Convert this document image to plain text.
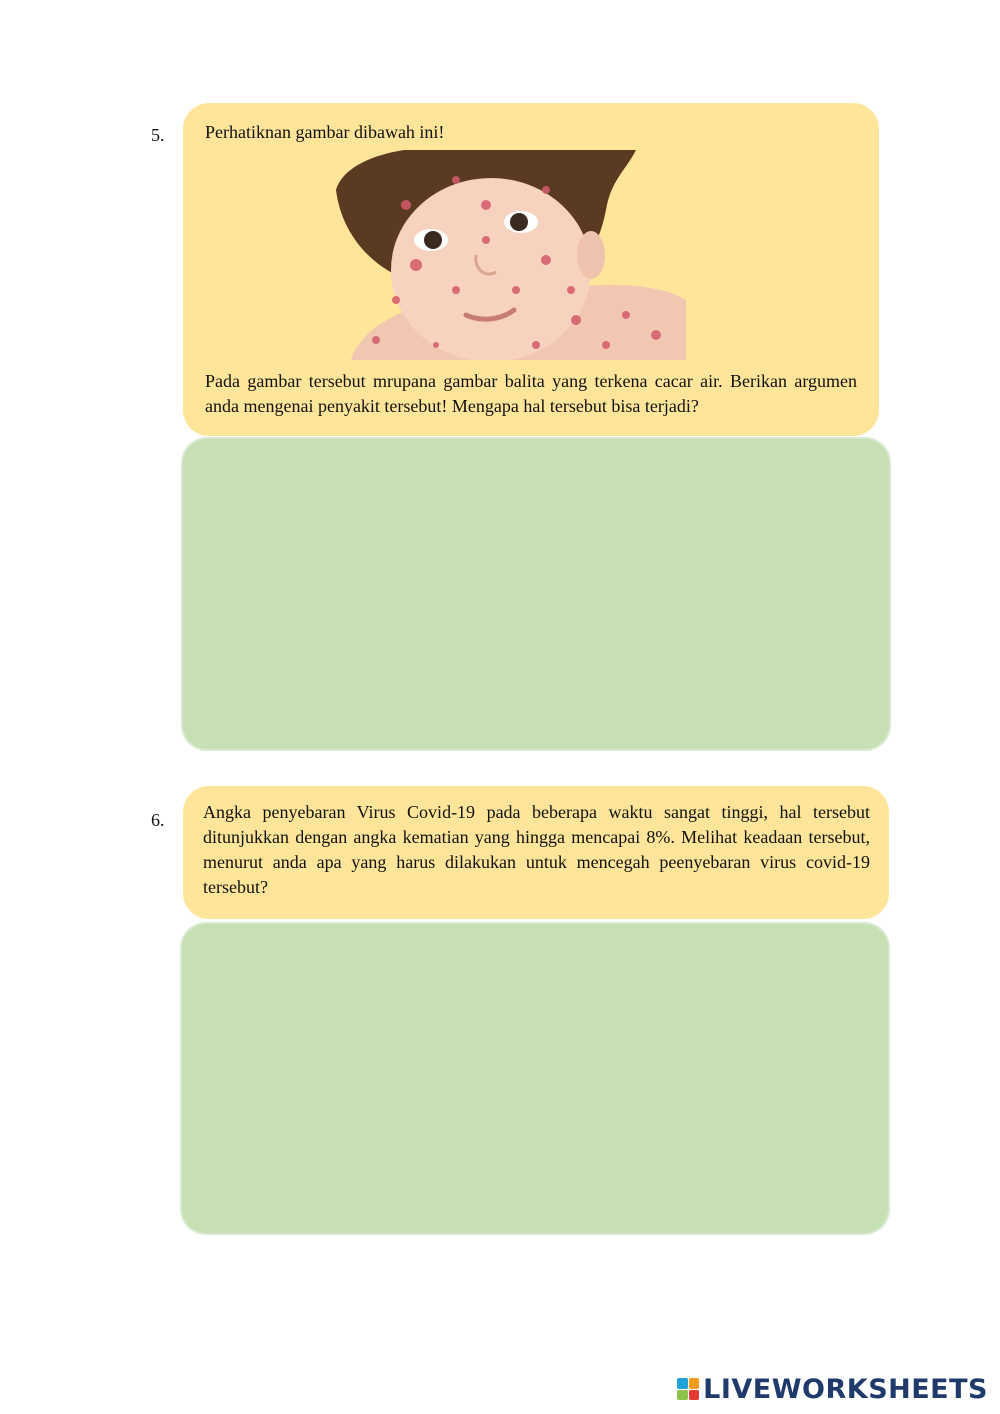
5. Perhatiknan gambar dibawah ini!
Pada gambar tersebut mrupana gambar balita yang terkena cacar air. Berikan argumen anda mengenai penyakit tersebut! Mengapa hal tersebut bisa terjadi?
6. Angka penyebaran Virus Covid-19 pada beberapa waktu sangat tinggi, hal tersebut ditunjukkan dengan angka kematian yang hingga mencapai 8%. Melihat keadaan tersebut, menurut anda apa yang harus dilakukan untuk mencegah peenyebaran virus covid-19 tersebut?
LIVEWORKSHEETS
